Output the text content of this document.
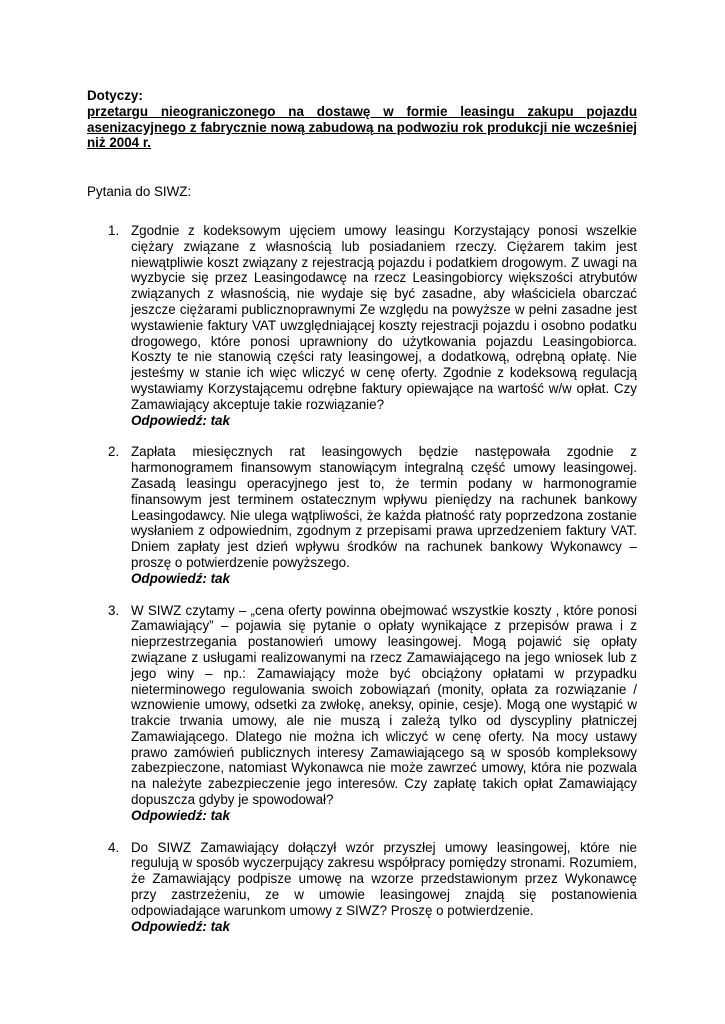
Dotyczy:

przetargu nieograniczonego na dostawę w formie leasingu zakupu pojazdu asenizacyjnego z fabrycznie nową zabudową na podwoziu rok produkcji nie wcześniej niż 2004 r.

Pytania do SIWZ:

1. Zgodnie z kodeksowym ujęciem umowy leasingu Korzystający ponosi wszelkie ciężary związane z własnością lub posiadaniem rzeczy. Ciężarem takim jest niewątpliwie koszt związany z rejestracją pojazdu i podatkiem drogowym. Z uwagi na wyzbycie się przez Leasingodawcę na rzecz Leasingobiorcy większości atrybutów związanych z własnością, nie wydaje się być zasadne, aby właściciela obarczać jeszcze ciężarami publicznoprawnymi Ze względu na powyższe w pełni zasadne jest wystawienie faktury VAT uwzględniającej koszty rejestracji pojazdu i osobno podatku drogowego, które ponosi uprawniony do użytkowania pojazdu Leasingobiorca. Koszty te nie stanowią części raty leasingowej, a dodatkową, odrębną opłatę. Nie jesteśmy w stanie ich więc wliczyć w cenę oferty. Zgodnie z kodeksową regulacją wystawiamy Korzystającemu odrębne faktury opiewające na wartość w/w opłat. Czy Zamawiający akceptuje takie rozwiązanie?

Odpowiedź: tak

2. Zapłata miesięcznych rat leasingowych będzie następowała zgodnie z harmonogramem finansowym stanowiącym integralną część umowy leasingowej. Zasadą leasingu operacyjnego jest to, że termin podany w harmonogramie finansowym jest terminem ostatecznym wpływu pieniędzy na rachunek bankowy Leasingodawcy. Nie ulega wątpliwości, że każda płatność raty poprzedzona zostanie wysłaniem z odpowiednim, zgodnym z przepisami prawa uprzedzeniem faktury VAT. Dniem zapłaty jest dzień wpływu środków na rachunek bankowy Wykonawcy – proszę o potwierdzenie powyższego.

Odpowiedź: tak

3. W SIWZ czytamy – „cena oferty powinna obejmować wszystkie koszty , które ponosi Zamawiający” – pojawia się pytanie o opłaty wynikające z przepisów prawa i z nieprzestrzegania postanowień umowy leasingowej. Mogą pojawić się opłaty związane z usługami realizowanymi na rzecz Zamawiającego na jego wniosek lub z jego winy – np.: Zamawiający może być obciążony opłatami w przypadku nieterminowego regulowania swoich zobowiązań (monity, opłata za rozwiązanie / wznowienie umowy, odsetki za zwłokę, aneksy, opinie, cesje). Mogą one wystąpić w trakcie trwania umowy, ale nie muszą i zależą tylko od dyscypliny płatniczej Zamawiającego. Dlatego nie można ich wliczyć w cenę oferty. Na mocy ustawy prawo zamówień publicznych interesy Zamawiającego są w sposób kompleksowy zabezpieczone, natomiast Wykonawca nie może zawrzeć umowy, która nie pozwala na należyte zabezpieczenie jego interesów. Czy zapłatę takich opłat Zamawiający dopuszcza gdyby je spowodował?

Odpowiedź: tak

4. Do SIWZ Zamawiający dołączył wzór przyszłej umowy leasingowej, które nie regulują w sposób wyczerpujący zakresu współpracy pomiędzy stronami. Rozumiem, że Zamawiający podpisze umowę na wzorze przedstawionym przez Wykonawcę przy zastrzeżeniu, ze w umowie leasingowej znajdą się postanowienia odpowiadające warunkom umowy z SIWZ? Proszę o potwierdzenie.

Odpowiedź: tak
